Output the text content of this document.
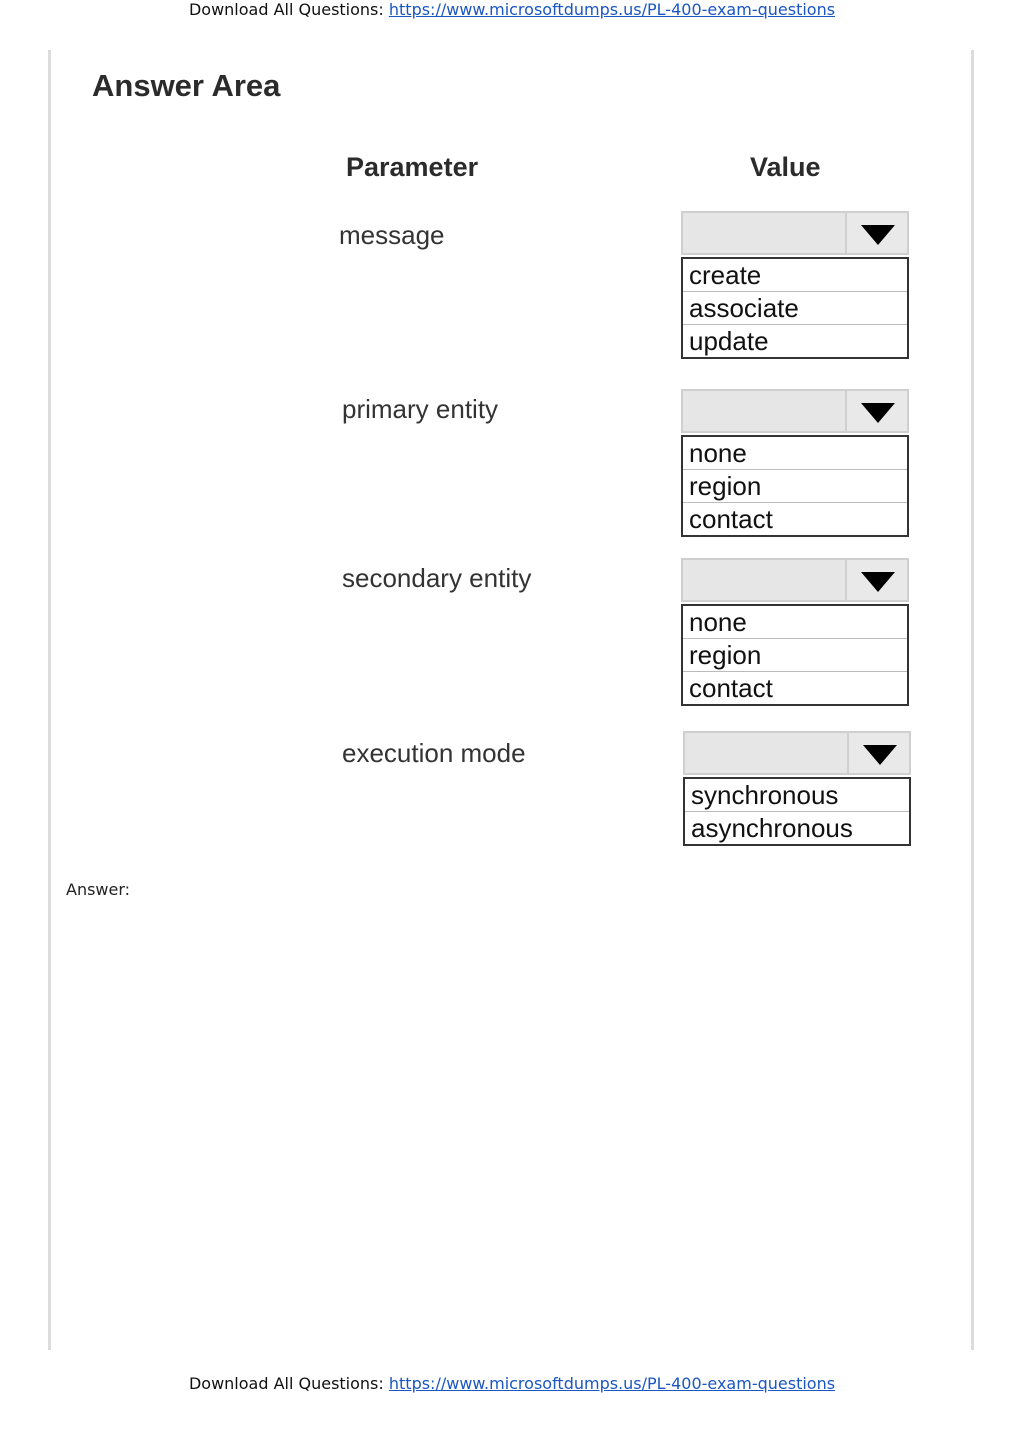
Download All Questions: https://www.microsoftdumps.us/PL-400-exam-questions
Answer Area
Parameter	Value
message
create
associate
update
primary entity
none
region
contact
secondary entity
none
region
contact
execution mode
synchronous
asynchronous
Answer:
Download All Questions: https://www.microsoftdumps.us/PL-400-exam-questions
